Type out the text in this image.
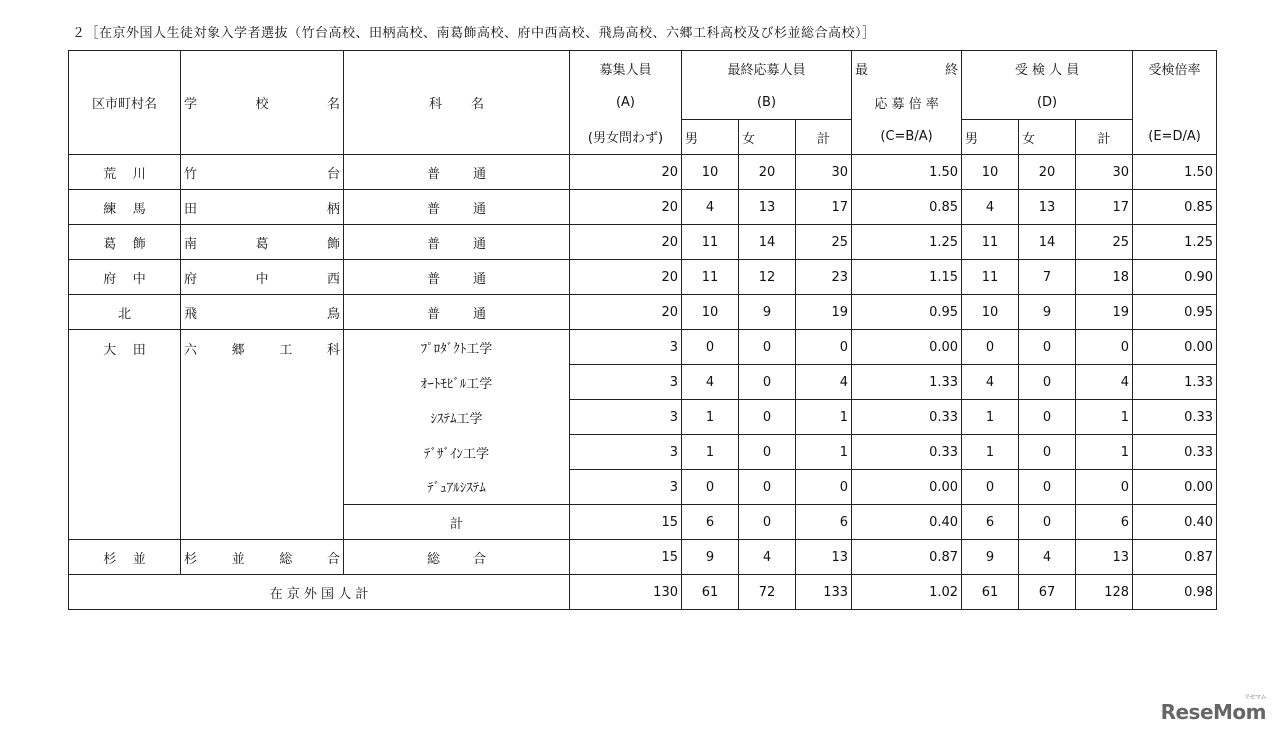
２［在京外国人生徒対象入学者選抜（竹台高校、田柄高校、南葛飾高校、府中西高校、飛鳥高校、六郷工科高校及び杉並総合高校）］
区市町村名	学 校 名	科 名	募集人員	最終応募人員			最 終	受 検 人 員			受検倍率
			(A)	(B)			応 募 倍 率	(D)			
			(男女問わず)	男	女	計	(C=B/A)	男	女	計	(E=D/A)
荒 川	竹 台	普 通	20	10	20	30	1.50	10	20	30	1.50
練 馬	田 柄	普 通	20	4	13	17	0.85	4	13	17	0.85
葛 飾	南 葛 飾	普 通	20	11	14	25	1.25	11	14	25	1.25
府 中	府 中 西	普 通	20	11	12	23	1.15	11	7	18	0.90
北	飛 鳥	普 通	20	10	9	19	0.95	10	9	19	0.95
大 田	六 郷 工 科	ﾌﾟﾛﾀﾞｸﾄ工学	3	0	0	0	0.00	0	0	0	0.00
		ｵｰﾄﾓﾋﾞﾙ工学	3	4	0	4	1.33	4	0	4	1.33
		ｼｽﾃﾑ工学	3	1	0	1	0.33	1	0	1	0.33
		ﾃﾞｻﾞｲﾝ工学	3	1	0	1	0.33	1	0	1	0.33
		ﾃﾞｭｱﾙｼｽﾃﾑ	3	0	0	0	0.00	0	0	0	0.00
		計	15	6	0	6	0.40	6	0	6	0.40
杉 並	杉 並 総 合	総 合	15	9	4	13	0.87	9	4	13	0.87
在 京 外 国 人 計			130	61	72	133	1.02	61	67	128	0.98
リセマム
ReseMom
